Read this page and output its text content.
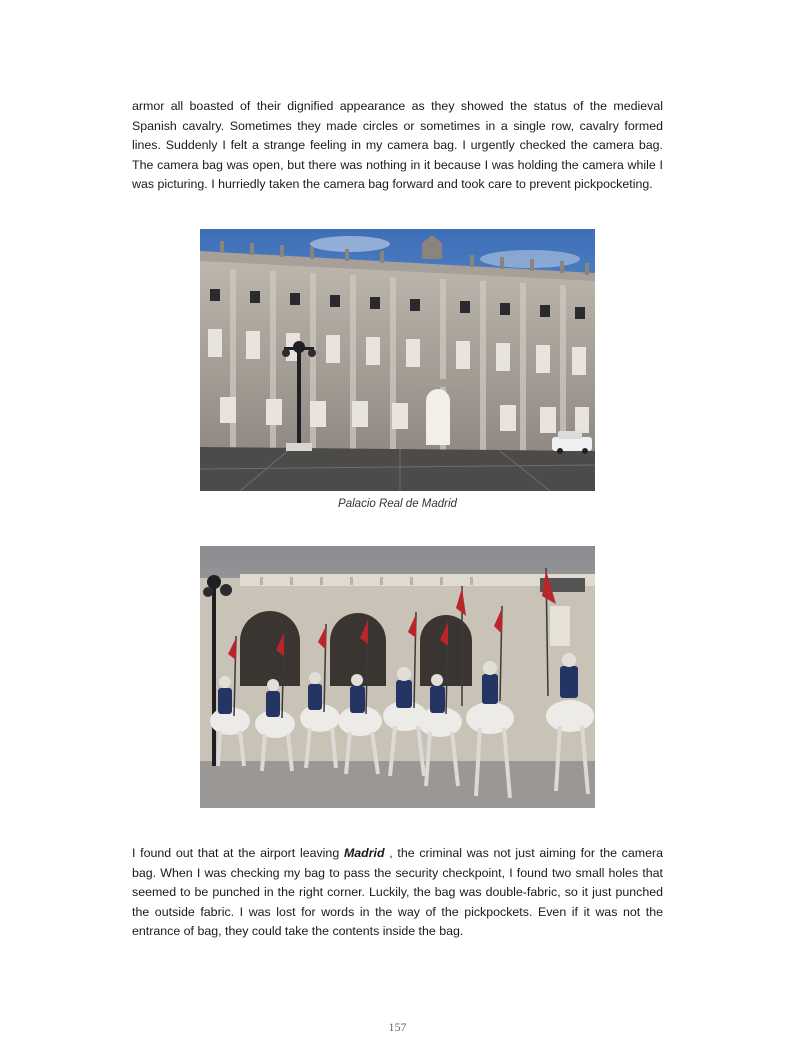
armor all boasted of their dignified appearance as they showed the status of the medieval Spanish cavalry. Sometimes they made circles or sometimes in a single row, cavalry formed lines. Suddenly I felt a strange feeling in my camera bag. I urgently checked the camera bag. The camera bag was open, but there was nothing in it because I was holding the camera while I was picturing. I hurriedly taken the camera bag forward and took care to prevent pickpocketing.

Palacio Real de Madrid

I found out that at the airport leaving Madrid , the criminal was not just aiming for the camera bag. When I was checking my bag to pass the security checkpoint, I found two small holes that seemed to be punched in the right corner. Luckily, the bag was double-fabric, so it just punched the outside fabric. I was lost for words in the way of the pickpockets. Even if it was not the entrance of bag, they could take the contents inside the bag.

157
